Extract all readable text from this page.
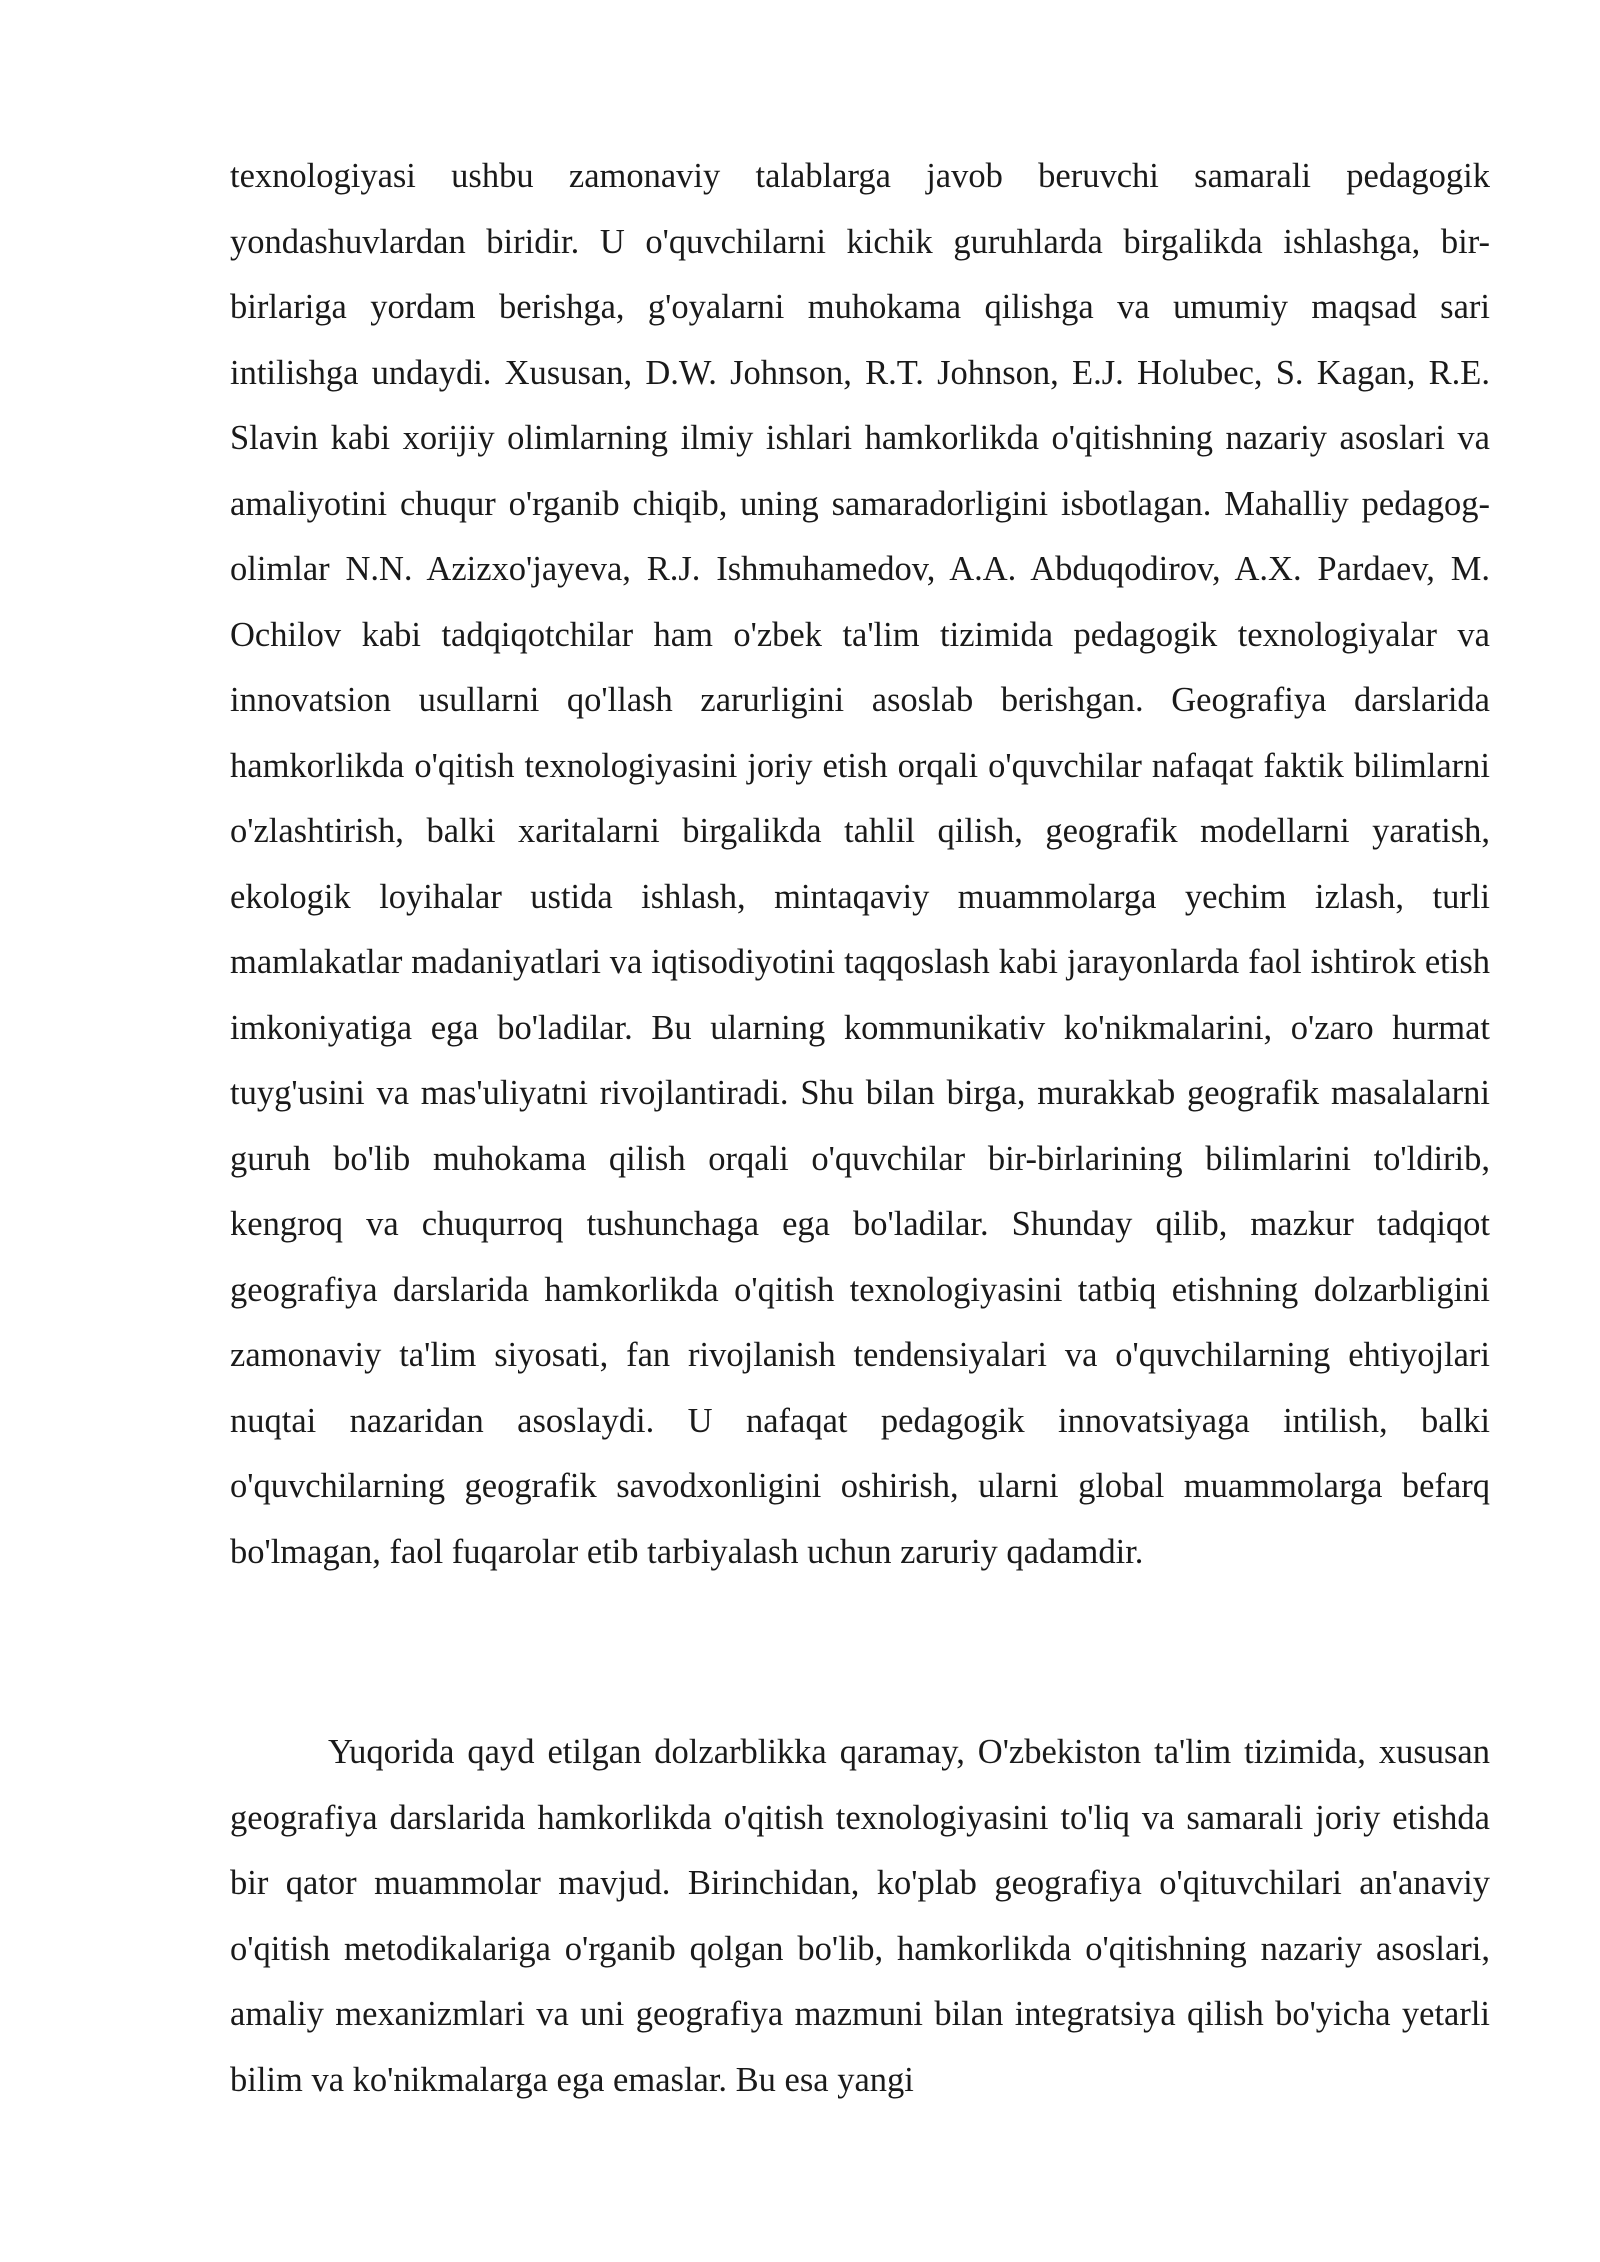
texnologiyasi ushbu zamonaviy talablarga javob beruvchi samarali pedagogik yondashuvlardan biridir. U o'quvchilarni kichik guruhlarda birgalikda ishlashga, bir-birlariga yordam berishga, g'oyalarni muhokama qilishga va umumiy maqsad sari intilishga undaydi. Xususan, D.W. Johnson, R.T. Johnson, E.J. Holubec, S. Kagan, R.E. Slavin kabi xorijiy olimlarning ilmiy ishlari hamkorlikda o'qitishning nazariy asoslari va amaliyotini chuqur o'rganib chiqib, uning samaradorligini isbotlagan. Mahalliy pedagog-olimlar N.N. Azizxo'jayeva, R.J. Ishmuhamedov, A.A. Abduqodirov, A.X. Pardaev, M. Ochilov kabi tadqiqotchilar ham o'zbek ta'lim tizimida pedagogik texnologiyalar va innovatsion usullarni qo'llash zarurligini asoslab berishgan. Geografiya darslarida hamkorlikda o'qitish texnologiyasini joriy etish orqali o'quvchilar nafaqat faktik bilimlarni o'zlashtirish, balki xaritalarni birgalikda tahlil qilish, geografik modellarni yaratish, ekologik loyihalar ustida ishlash, mintaqaviy muammolarga yechim izlash, turli mamlakatlar madaniyatlari va iqtisodiyotini taqqoslash kabi jarayonlarda faol ishtirok etish imkoniyatiga ega bo'ladilar. Bu ularning kommunikativ ko'nikmalarini, o'zaro hurmat tuyg'usini va mas'uliyatni rivojlantiradi. Shu bilan birga, murakkab geografik masalalarni guruh bo'lib muhokama qilish orqali o'quvchilar bir-birlarining bilimlarini to'ldirib, kengroq va chuqurroq tushunchaga ega bo'ladilar. Shunday qilib, mazkur tadqiqot geografiya darslarida hamkorlikda o'qitish texnologiyasini tatbiq etishning dolzarbligini zamonaviy ta'lim siyosati, fan rivojlanish tendensiyalari va o'quvchilarning ehtiyojlari nuqtai nazaridan asoslaydi. U nafaqat pedagogik innovatsiyaga intilish, balki o'quvchilarning geografik savodxonligini oshirish, ularni global muammolarga befarq bo'lmagan, faol fuqarolar etib tarbiyalash uchun zaruriy qadamdir.

Yuqorida qayd etilgan dolzarblikka qaramay, O'zbekiston ta'lim tizimida, xususan geografiya darslarida hamkorlikda o'qitish texnologiyasini to'liq va samarali joriy etishda bir qator muammolar mavjud. Birinchidan, ko'plab geografiya o'qituvchilari an'anaviy o'qitish metodikalariga o'rganib qolgan bo'lib, hamkorlikda o'qitishning nazariy asoslari, amaliy mexanizmlari va uni geografiya mazmuni bilan integratsiya qilish bo'yicha yetarli bilim va ko'nikmalarga ega emaslar. Bu esa yangi
